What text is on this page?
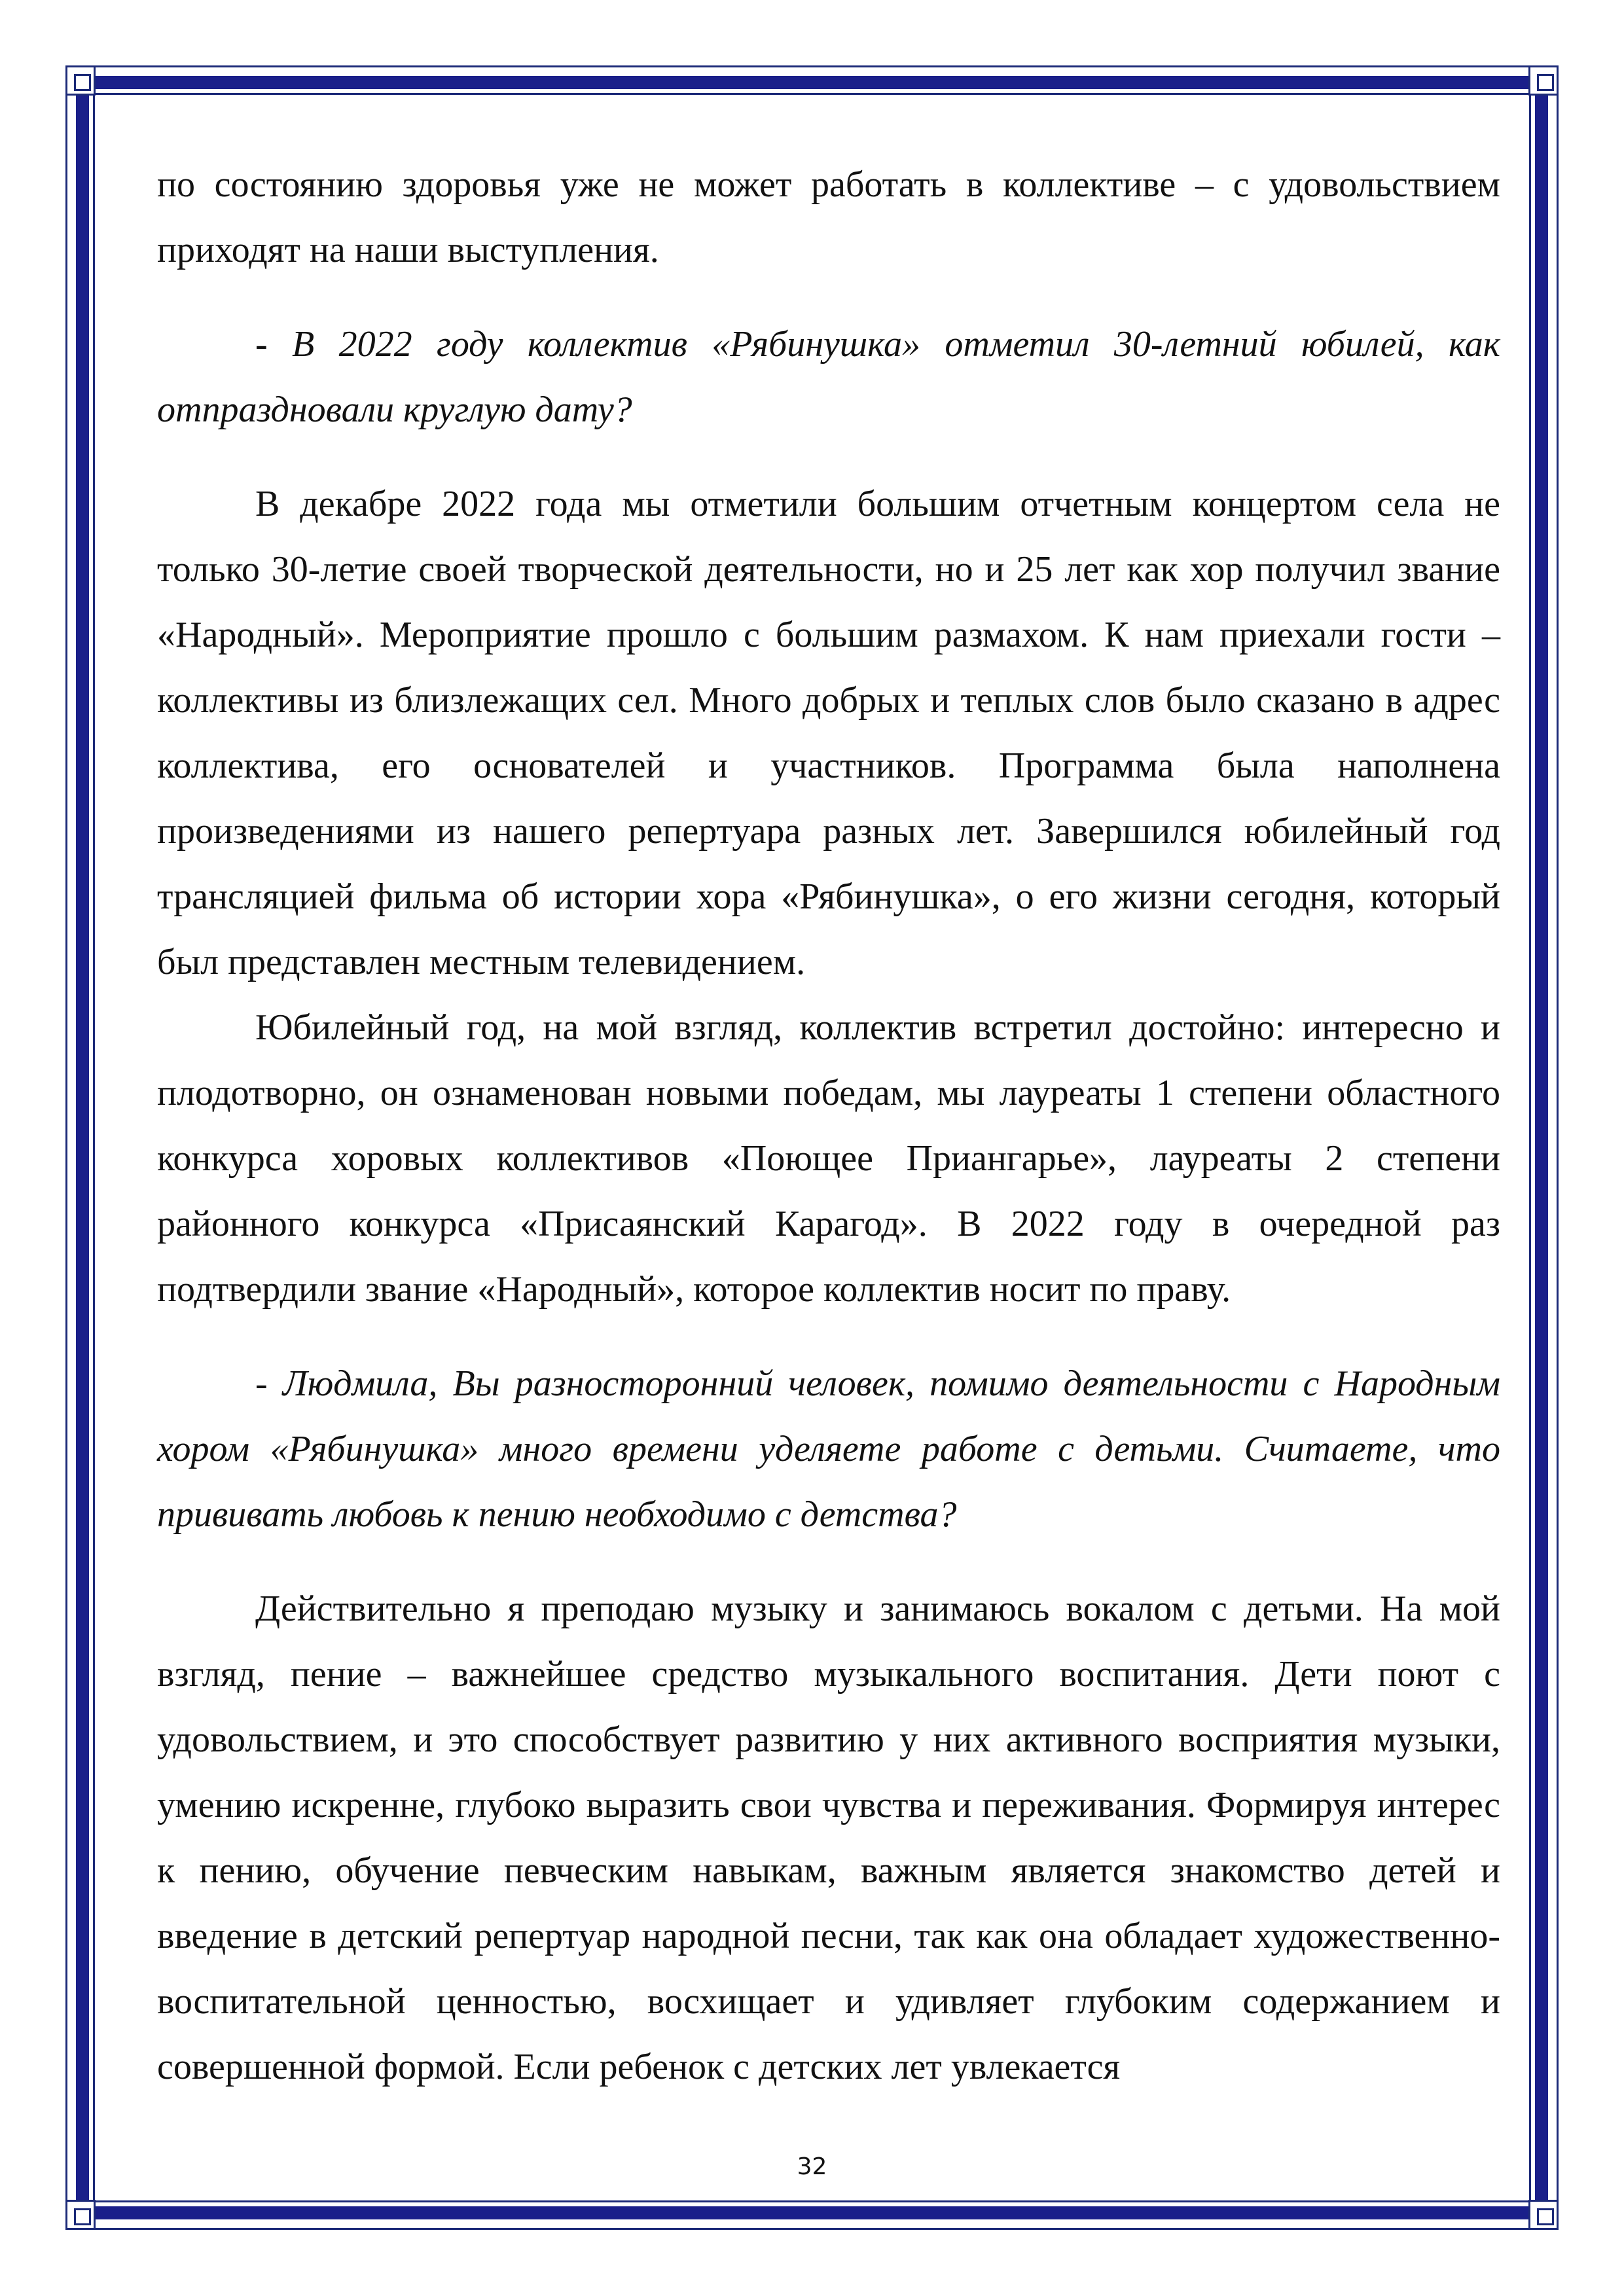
по состоянию здоровья уже не может работать в коллективе – с удовольствием приходят на наши выступления.

- В 2022 году коллектив «Рябинушка» отметил 30-летний юбилей, как отпраздновали круглую дату?

В декабре 2022 года мы отметили большим отчетным концертом села не только 30-летие своей творческой деятельности, но и 25 лет как хор получил звание «Народный». Мероприятие прошло с большим размахом. К нам приехали гости – коллективы из близлежащих сел. Много добрых и теплых слов было сказано в адрес коллектива, его основателей и участников. Программа была наполнена произведениями из нашего репертуара разных лет. Завершился юбилейный год трансляцией фильма об истории хора «Рябинушка», о его жизни сегодня, который был представлен местным телевидением.

Юбилейный год, на мой взгляд, коллектив встретил достойно: интересно и плодотворно, он ознаменован новыми победам, мы лауреаты 1 степени областного конкурса хоровых коллективов «Поющее Приангарье», лауреаты 2 степени районного конкурса «Присаянский Карагод». В 2022 году в очередной раз подтвердили звание «Народный», которое коллектив носит по праву.

- Людмила, Вы разносторонний человек, помимо деятельности с Народным хором «Рябинушка» много времени уделяете работе с детьми. Считаете, что прививать любовь к пению необходимо с детства?

Действительно я преподаю музыку и занимаюсь вокалом с детьми. На мой взгляд, пение – важнейшее средство музыкального воспитания. Дети поют с удовольствием, и это способствует развитию у них активного восприятия музыки, умению искренне, глубоко выразить свои чувства и переживания. Формируя интерес к пению, обучение певческим навыкам, важным является знакомство детей и введение в детский репертуар народной песни, так как она обладает художественно-воспитательной ценностью, восхищает и удивляет глубоким содержанием и совершенной формой. Если ребенок с детских лет увлекается

32
